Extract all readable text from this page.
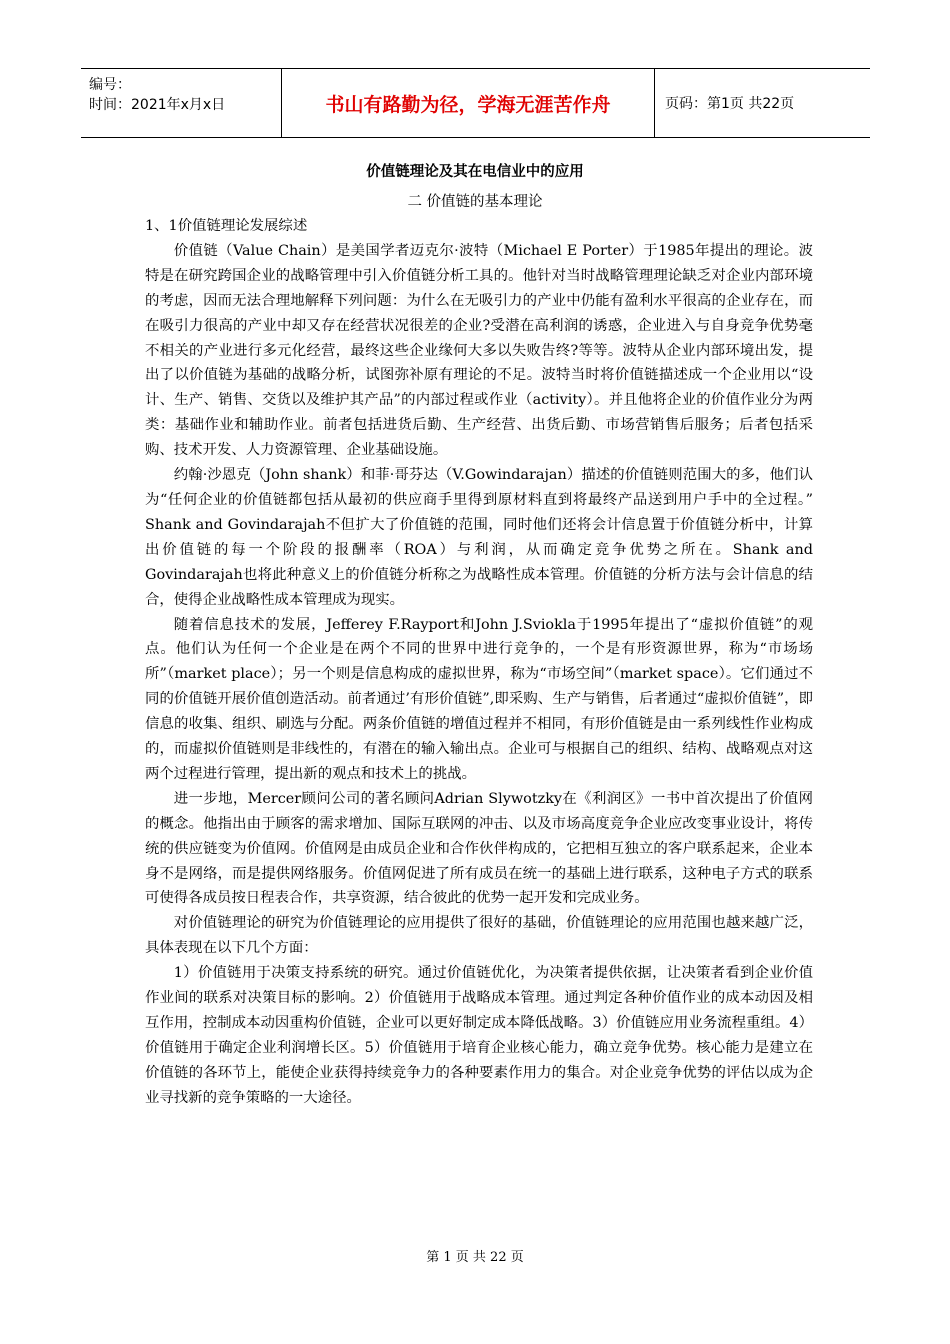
编号：
时间：2021年x月x日	书山有路勤为径，学海无涯苦作舟	页码：第1页 共22页
价值链理论及其在电信业中的应用
二 价值链的基本理论

1、1价值链理论发展综述

价值链（Value Chain）是美国学者迈克尔·波特（Michael E Porter）于1985年提出的理论。波特是在研究跨国企业的战略管理中引入价值链分析工具的。他针对当时战略管理理论缺乏对企业内部环境的考虑，因而无法合理地解释下列问题：为什么在无吸引力的产业中仍能有盈利水平很高的企业存在，而在吸引力很高的产业中却又存在经营状况很差的企业?受潜在高利润的诱惑，企业进入与自身竞争优势毫不相关的产业进行多元化经营，最终这些企业缘何大多以失败告终?等等。波特从企业内部环境出发，提出了以价值链为基础的战略分析，试图弥补原有理论的不足。波特当时将价值链描述成一个企业用以“设计、生产、销售、交货以及维护其产品”的内部过程或作业（activity）。并且他将企业的价值作业分为两类：基础作业和辅助作业。前者包括进货后勤、生产经营、出货后勤、市场营销售后服务；后者包括采购、技术开发、人力资源管理、企业基础设施。

约翰·沙恩克（John shank）和菲·哥芬达（V.Gowindarajan）描述的价值链则范围大的多，他们认为“任何企业的价值链都包括从最初的供应商手里得到原材料直到将最终产品送到用户手中的全过程。” Shank and Govindarajah不但扩大了价值链的范围，同时他们还将会计信息置于价值链分析中，计算出价值链的每一个阶段的报酬率（ROA）与利润，从而确定竞争优势之所在。Shank and Govindarajah也将此种意义上的价值链分析称之为战略性成本管理。价值链的分析方法与会计信息的结合，使得企业战略性成本管理成为现实。

随着信息技术的发展，Jefferey F.Rayport和John J.Sviokla于1995年提出了“虚拟价值链”的观点。他们认为任何一个企业是在两个不同的世界中进行竞争的，一个是有形资源世界，称为“市场场所”（market place）；另一个则是信息构成的虚拟世界，称为“市场空间”（market space）。它们通过不同的价值链开展价值创造活动。前者通过’有形价值链”,即采购、生产与销售，后者通过“虚拟价值链”，即信息的收集、组织、刷选与分配。两条价值链的增值过程并不相同，有形价值链是由一系列线性作业构成的，而虚拟价值链则是非线性的，有潜在的输入输出点。企业可与根据自己的组织、结构、战略观点对这两个过程进行管理，提出新的观点和技术上的挑战。

进一步地，Mercer顾问公司的著名顾问Adrian Slywotzky在《利润区》一书中首次提出了价值网的概念。他指出由于顾客的需求增加、国际互联网的冲击、以及市场高度竞争企业应改变事业设计，将传统的供应链变为价值网。价值网是由成员企业和合作伙伴构成的，它把相互独立的客户联系起来，企业本身不是网络，而是提供网络服务。价值网促进了所有成员在统一的基础上进行联系，这种电子方式的联系可使得各成员按日程表合作，共享资源，结合彼此的优势一起开发和完成业务。

对价值链理论的研究为价值链理论的应用提供了很好的基础，价值链理论的应用范围也越来越广泛，具体表现在以下几个方面：

1）价值链用于决策支持系统的研究。通过价值链优化，为决策者提供依据，让决策者看到企业价值作业间的联系对决策目标的影响。2）价值链用于战略成本管理。通过判定各种价值作业的成本动因及相互作用，控制成本动因重构价值链，企业可以更好制定成本降低战略。3）价值链应用业务流程重组。4）价值链用于确定企业利润增长区。5）价值链用于培育企业核心能力，确立竞争优势。核心能力是建立在价值链的各环节上，能使企业获得持续竞争力的各种要素作用力的集合。对企业竞争优势的评估以成为企业寻找新的竞争策略的一大途径。

第 1 页 共 22 页
